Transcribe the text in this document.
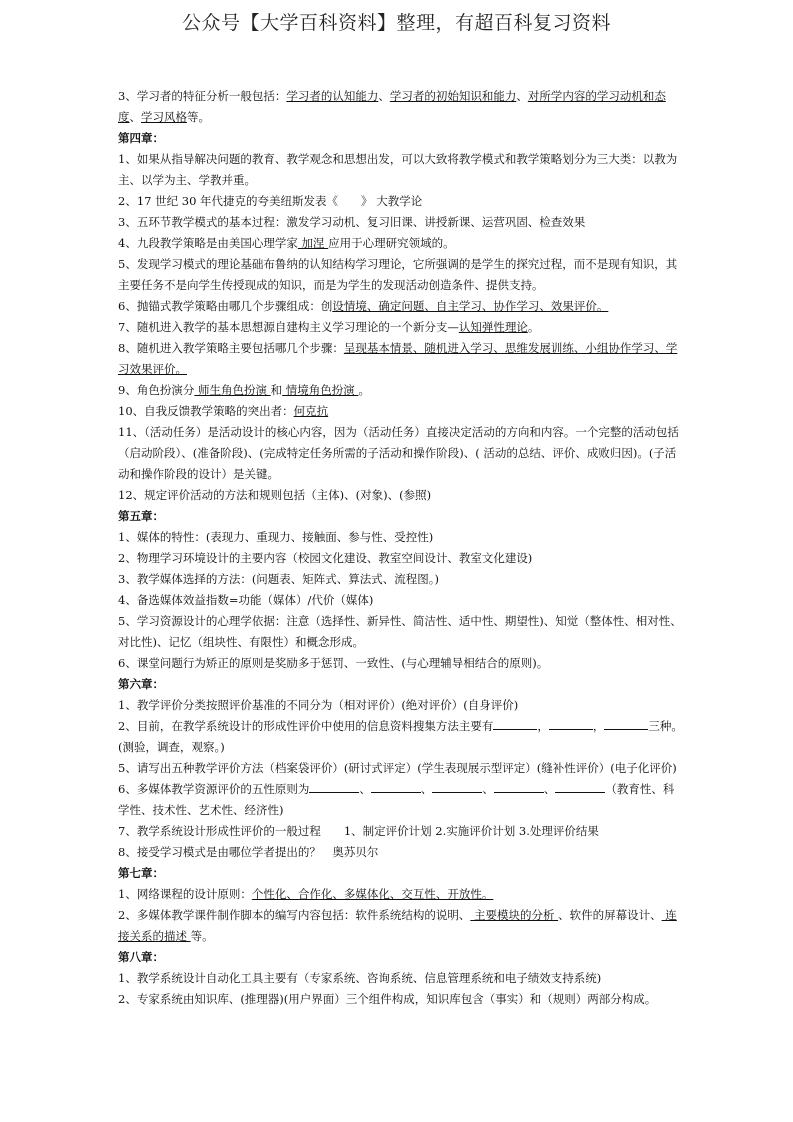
公众号【大学百科资料】整理，有超百科复习资料

3、学习者的特征分析一般包括：学习者的认知能力、学习者的初始知识和能力、对所学内容的学习动机和态度、学习风格等。

第四章：

1、如果从指导解决问题的教育、教学观念和思想出发，可以大致将教学模式和教学策略划分为三大类：以教为主、以学为主、学教并重。

2、17 世纪 30 年代捷克的夸美纽斯发表《　　》 大教学论

3、五环节教学模式的基本过程：激发学习动机、复习旧课、讲授新课、运营巩固、检查效果

4、九段教学策略是由美国心理学家 加涅 应用于心理研究领域的。

5、发现学习模式的理论基础布鲁纳的认知结构学习理论，它所强调的是学生的探究过程，而不是现有知识，其主要任务不是向学生传授现成的知识，而是为学生的发现活动创造条件、提供支持。

6、抛锚式教学策略由哪几个步骤组成：创设情境、确定问题、自主学习、协作学习、效果评价。

7、随机进入教学的基本思想源自建构主义学习理论的一个新分支—认知弹性理论。

8、随机进入教学策略主要包括哪几个步骤：呈现基本情景、随机进入学习、思维发展训练、小组协作学习、学习效果评价。

9、角色扮演分 师生角色扮演 和 情境角色扮演 。

10、自我反馈教学策略的突出者：何克抗

11、（活动任务）是活动设计的核心内容，因为（活动任务）直接决定活动的方向和内容。一个完整的活动包括（启动阶段）、(准备阶段)、(完成特定任务所需的子活动和操作阶段)、( 活动的总结、评价、成败归因)。(子活动和操作阶段的设计）是关键。

12、规定评价活动的方法和规则包括（主体)、(对象)、(参照)

第五章：

1、媒体的特性：(表现力、重现力、接触面、参与性、受控性)

2、物理学习环境设计的主要内容（校园文化建设、教室空间设计、教室文化建设)

3、教学媒体选择的方法：(问题表、矩阵式、算法式、流程图。)

4、备选媒体效益指数=功能（媒体）/代价（媒体)

5、学习资源设计的心理学依据：注意（选择性、新异性、简洁性、适中性、期望性)、知觉（整体性、相对性、对比性)、记忆（组块性、有限性）和概念形成。

6、课堂问题行为矫正的原则是奖励多于惩罚、一致性、(与心理辅导相结合的原则)。

第六章：

1、教学评价分类按照评价基准的不同分为（相对评价）(绝对评价）(自身评价)

2、目前，在教学系统设计的形成性评价中使用的信息资料搜集方法主要有	，	，	三种。(测验，调查，观察。)

5、请写出五种教学评价方法（档案袋评价）(研讨式评定）(学生表现展示型评定）(缝补性评价）(电子化评价)

6、多媒体教学资源评价的五性原则为	、	、	、	、	（教育性、科学性、技术性、艺术性、经济性)

7、教学系统设计形成性评价的一般过程　　1、制定评价计划 2.实施评价计划 3.处理评价结果

8、接受学习模式是由哪位学者提出的？　奥苏贝尔

第七章：

1、网络课程的设计原则：个性化、合作化、多媒体化、交互性、开放性。

2、多媒体教学课件制作脚本的编写内容包括：软件系统结构的说明、 主要模块的分析 、软件的屏幕设计、 连接关系的描述 等。

第八章：

1、教学系统设计自动化工具主要有（专家系统、咨询系统、信息管理系统和电子绩效支持系统)

2、专家系统由知识库、(推理器)(用户界面）三个组件构成，知识库包含（事实）和（规则）两部分构成。
